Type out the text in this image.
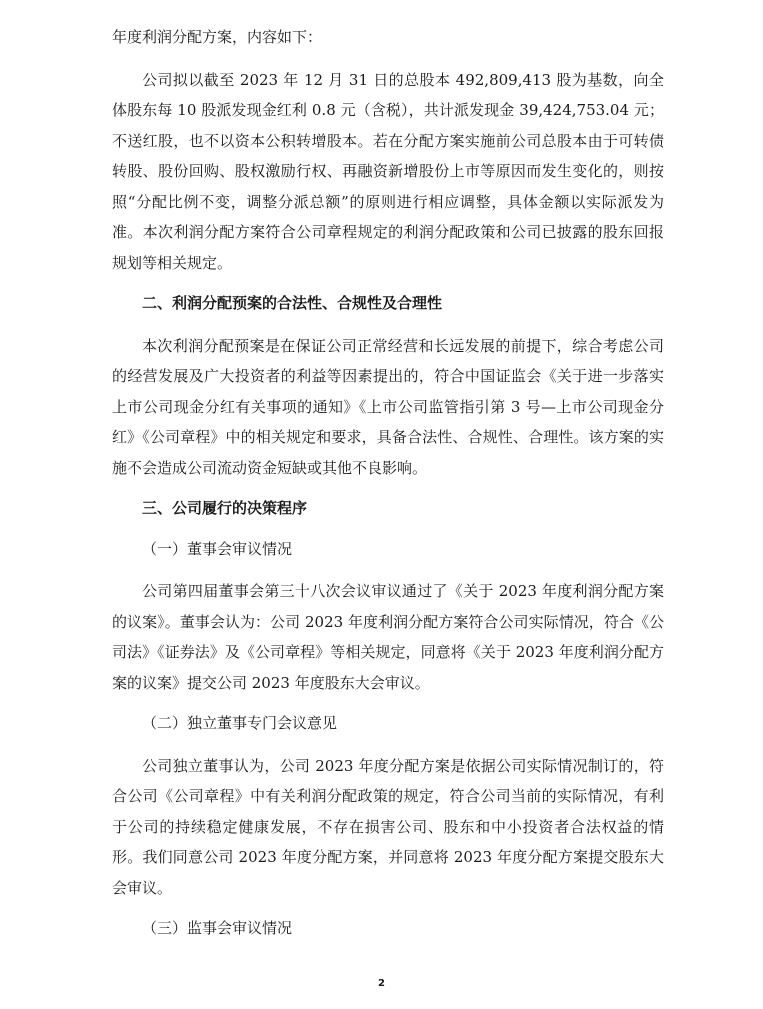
年度利润分配方案，内容如下：

公司拟以截至 2023 年 12 月 31 日的总股本 492,809,413 股为基数，向全体股东每 10 股派发现金红利 0.8 元（含税），共计派发现金 39,424,753.04 元；不送红股，也不以资本公积转增股本。若在分配方案实施前公司总股本由于可转债转股、股份回购、股权激励行权、再融资新增股份上市等原因而发生变化的，则按照“分配比例不变，调整分派总额”的原则进行相应调整，具体金额以实际派发为准。本次利润分配方案符合公司章程规定的利润分配政策和公司已披露的股东回报规划等相关规定。

二、利润分配预案的合法性、合规性及合理性

本次利润分配预案是在保证公司正常经营和长远发展的前提下，综合考虑公司的经营发展及广大投资者的利益等因素提出的，符合中国证监会《关于进一步落实上市公司现金分红有关事项的通知》《上市公司监管指引第 3 号—上市公司现金分红》《公司章程》中的相关规定和要求，具备合法性、合规性、合理性。该方案的实施不会造成公司流动资金短缺或其他不良影响。

三、公司履行的决策程序

（一）董事会审议情况

公司第四届董事会第三十八次会议审议通过了《关于 2023 年度利润分配方案的议案》。董事会认为：公司 2023 年度利润分配方案符合公司实际情况，符合《公司法》《证券法》及《公司章程》等相关规定，同意将《关于 2023 年度利润分配方案的议案》提交公司 2023 年度股东大会审议。

（二）独立董事专门会议意见

公司独立董事认为，公司 2023 年度分配方案是依据公司实际情况制订的，符合公司《公司章程》中有关利润分配政策的规定，符合公司当前的实际情况，有利于公司的持续稳定健康发展，不存在损害公司、股东和中小投资者合法权益的情形。我们同意公司 2023 年度分配方案，并同意将 2023 年度分配方案提交股东大会审议。

（三）监事会审议情况

2
